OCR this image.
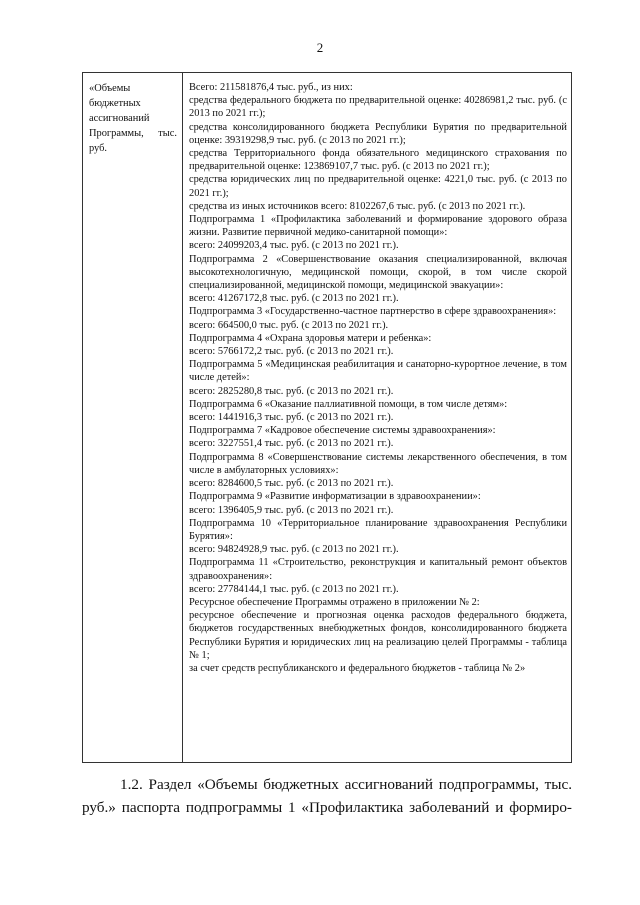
2
«Объемы бюджетных ассигнований Программы, тыс. руб.

Всего: 211581876,4 тыс. руб., из них:

средства федерального бюджета по предварительной оценке: 40286981,2 тыс. руб. (с 2013 по 2021 гг.);

средства консолидированного бюджета Республики Бурятия по предварительной оценке: 39319298,9 тыс. руб. (с 2013 по 2021 гг.);

средства Территориального фонда обязательного медицинского страхования по предварительной оценке: 123869107,7 тыс. руб. (с 2013 по 2021 гг.);

средства юридических лиц по предварительной оценке: 4221,0 тыс. руб. (с 2013 по 2021 гг.);

средства из иных источников всего: 8102267,6 тыс. руб. (с 2013 по 2021 гг.).

Подпрограмма 1 «Профилактика заболеваний и формирование здорового образа жизни. Развитие первичной медико-санитарной помощи»:

всего: 24099203,4 тыс. руб. (с 2013 по 2021 гг.).

Подпрограмма 2 «Совершенствование оказания специализированной, включая высокотехнологичную, медицинской помощи, скорой, в том числе скорой специализированной, медицинской помощи, медицинской эвакуации»:

всего: 41267172,8 тыс. руб. (с 2013 по 2021 гг.).

Подпрограмма 3 «Государственно-частное партнерство в сфере здравоохранения»:

всего: 664500,0 тыс. руб. (с 2013 по 2021 гг.).

Подпрограмма 4 «Охрана здоровья матери и ребенка»:

всего: 5766172,2 тыс. руб. (с 2013 по 2021 гг.).

Подпрограмма 5 «Медицинская реабилитация и санаторно-курортное лечение, в том числе детей»:

всего: 2825280,8 тыс. руб. (с 2013 по 2021 гг.).

Подпрограмма 6 «Оказание паллиативной помощи, в том числе детям»:

всего: 1441916,3 тыс. руб. (с 2013 по 2021 гг.).

Подпрограмма 7 «Кадровое обеспечение системы здравоохранения»:

всего: 3227551,4 тыс. руб. (с 2013 по 2021 гг.).

Подпрограмма 8 «Совершенствование системы лекарственного обеспечения, в том числе в амбулаторных условиях»:

всего: 8284600,5 тыс. руб. (с 2013 по 2021 гг.).

Подпрограмма 9 «Развитие информатизации в здравоохранении»:

всего: 1396405,9 тыс. руб. (с 2013 по 2021 гг.).

Подпрограмма 10 «Территориальное планирование здравоохранения Республики Бурятия»:

всего: 94824928,9 тыс. руб. (с 2013 по 2021 гг.).

Подпрограмма 11 «Строительство, реконструкция и капитальный ремонт объектов здравоохранения»:

всего: 27784144,1 тыс. руб. (с 2013 по 2021 гг.).

Ресурсное обеспечение Программы отражено в приложении № 2:

ресурсное обеспечение и прогнозная оценка расходов федерального бюджета, бюджетов государственных внебюджетных фондов, консолидированного бюджета Республики Бурятия и юридических лиц на реализацию целей Программы - таблица № 1;

за счет средств республиканского и федерального бюджетов - таблица № 2»

1.2. Раздел «Объемы бюджетных ассигнований подпрограммы, тыс. руб.» паспорта подпрограммы 1 «Профилактика заболеваний и формиро-
